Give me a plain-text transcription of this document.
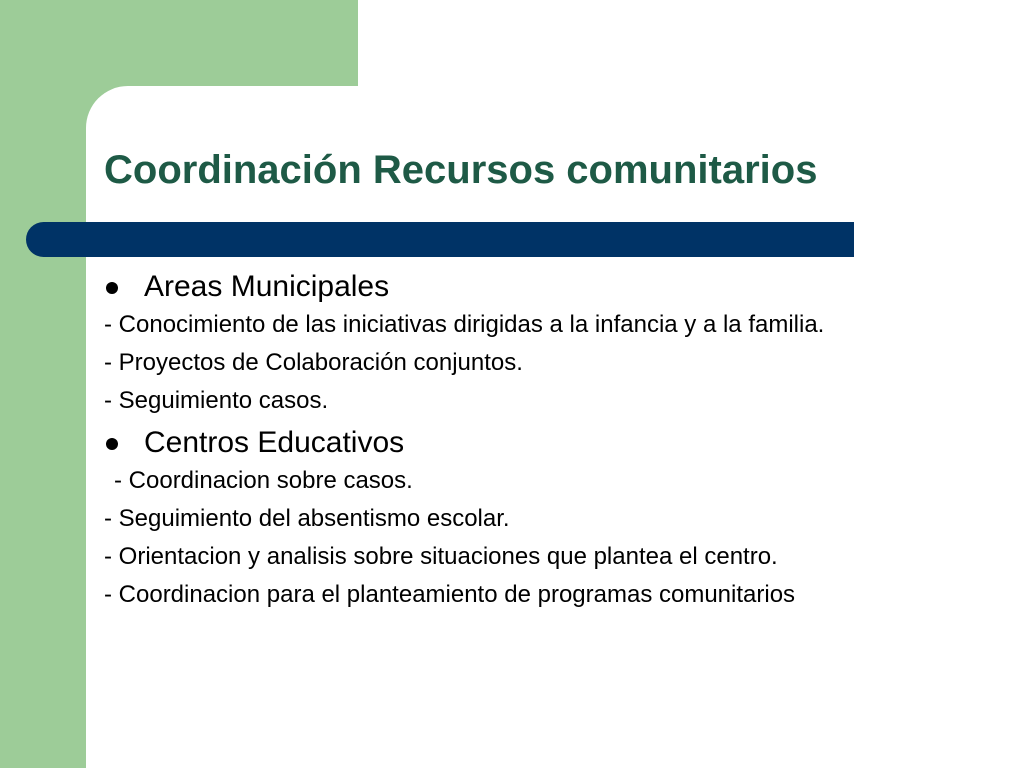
Coordinación Recursos comunitarios
Areas Municipales

- Conocimiento de las iniciativas dirigidas a la infancia y a la familia.

- Proyectos de Colaboración conjuntos.

- Seguimiento casos.

Centros Educativos

- Coordinacion sobre casos.

- Seguimiento del absentismo escolar.

- Orientacion y analisis sobre situaciones que plantea el centro.

- Coordinacion para el planteamiento de programas comunitarios
